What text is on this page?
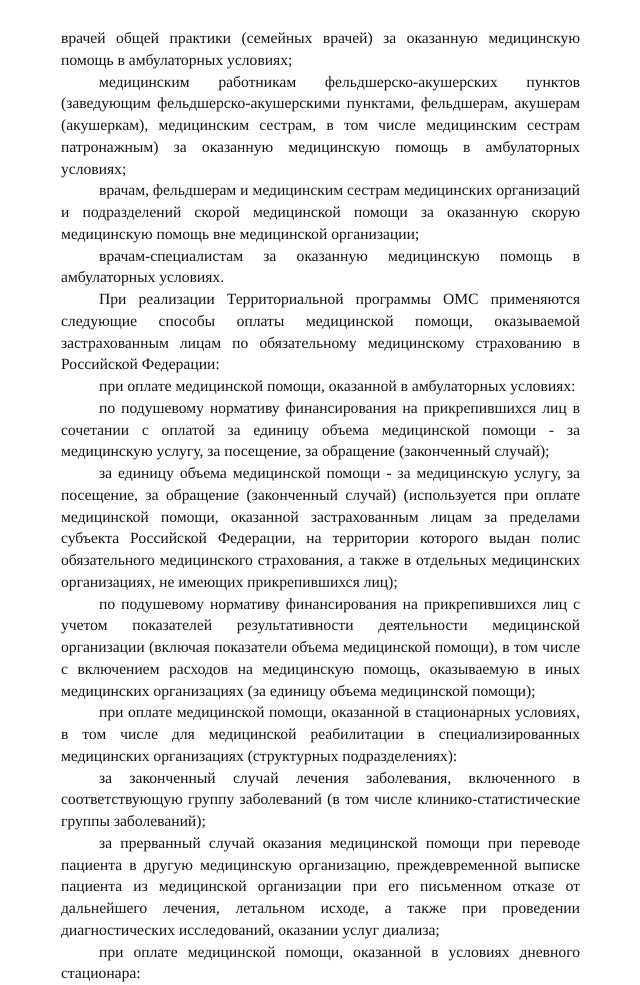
врачей общей практики (семейных врачей) за оказанную медицинскую помощь в амбулаторных условиях;

медицинским работникам фельдшерско-акушерских пунктов (заведующим фельдшерско-акушерскими пунктами, фельдшерам, акушерам (акушеркам), медицинским сестрам, в том числе медицинским сестрам патронажным) за оказанную медицинскую помощь в амбулаторных условиях;

врачам, фельдшерам и медицинским сестрам медицинских организаций и подразделений скорой медицинской помощи за оказанную скорую медицинскую помощь вне медицинской организации;

врачам-специалистам за оказанную медицинскую помощь в амбулаторных условиях.

При реализации Территориальной программы ОМС применяются следующие способы оплаты медицинской помощи, оказываемой застрахованным лицам по обязательному медицинскому страхованию в Российской Федерации:

при оплате медицинской помощи, оказанной в амбулаторных условиях:

по подушевому нормативу финансирования на прикрепившихся лиц в сочетании с оплатой за единицу объема медицинской помощи - за медицинскую услугу, за посещение, за обращение (законченный случай);

за единицу объема медицинской помощи - за медицинскую услугу, за посещение, за обращение (законченный случай) (используется при оплате медицинской помощи, оказанной застрахованным лицам за пределами субъекта Российской Федерации, на территории которого выдан полис обязательного медицинского страхования, а также в отдельных медицинских организациях, не имеющих прикрепившихся лиц);

по подушевому нормативу финансирования на прикрепившихся лиц с учетом показателей результативности деятельности медицинской организации (включая показатели объема медицинской помощи), в том числе с включением расходов на медицинскую помощь, оказываемую в иных медицинских организациях (за единицу объема медицинской помощи);

при оплате медицинской помощи, оказанной в стационарных условиях, в том числе для медицинской реабилитации в специализированных медицинских организациях (структурных подразделениях):

за законченный случай лечения заболевания, включенного в соответствующую группу заболеваний (в том числе клинико-статистические группы заболеваний);

за прерванный случай оказания медицинской помощи при переводе пациента в другую медицинскую организацию, преждевременной выписке пациента из медицинской организации при его письменном отказе от дальнейшего лечения, летальном исходе, а также при проведении диагностических исследований, оказании услуг диализа;

при оплате медицинской помощи, оказанной в условиях дневного стационара:
